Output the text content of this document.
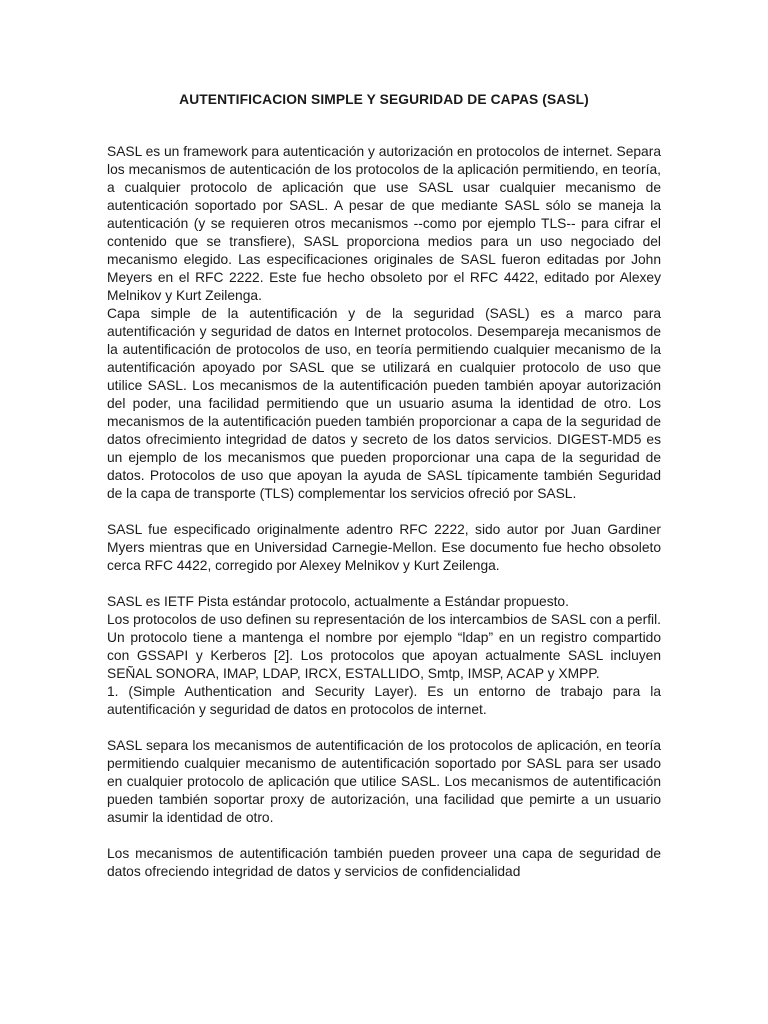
AUTENTIFICACION SIMPLE Y SEGURIDAD DE CAPAS (SASL)

SASL es un framework para autenticación y autorización en protocolos de internet. Separa los mecanismos de autenticación de los protocolos de la aplicación permitiendo, en teoría, a cualquier protocolo de aplicación que use SASL usar cualquier mecanismo de autenticación soportado por SASL. A pesar de que mediante SASL sólo se maneja la autenticación (y se requieren otros mecanismos --como por ejemplo TLS-- para cifrar el contenido que se transfiere), SASL proporciona medios para un uso negociado del mecanismo elegido. Las especificaciones originales de SASL fueron editadas por John Meyers en el RFC 2222. Este fue hecho obsoleto por el RFC 4422, editado por Alexey Melnikov y Kurt Zeilenga.

Capa simple de la autentificación y de la seguridad (SASL) es a marco para autentificación y seguridad de datos en Internet protocolos. Desempareja mecanismos de la autentificación de protocolos de uso, en teoría permitiendo cualquier mecanismo de la autentificación apoyado por SASL que se utilizará en cualquier protocolo de uso que utilice SASL. Los mecanismos de la autentificación pueden también apoyar autorización del poder, una facilidad permitiendo que un usuario asuma la identidad de otro. Los mecanismos de la autentificación pueden también proporcionar a capa de la seguridad de datos ofrecimiento integridad de datos y secreto de los datos servicios. DIGEST-MD5 es un ejemplo de los mecanismos que pueden proporcionar una capa de la seguridad de datos. Protocolos de uso que apoyan la ayuda de SASL típicamente también Seguridad de la capa de transporte (TLS) complementar los servicios ofreció por SASL.

SASL fue especificado originalmente adentro RFC 2222, sido autor por Juan Gardiner Myers mientras que en Universidad Carnegie-Mellon. Ese documento fue hecho obsoleto cerca RFC 4422, corregido por Alexey Melnikov y Kurt Zeilenga.

SASL es IETF Pista estándar protocolo, actualmente a Estándar propuesto.

Los protocolos de uso definen su representación de los intercambios de SASL con a perfil. Un protocolo tiene a mantenga el nombre por ejemplo “ldap” en un registro compartido con GSSAPI y Kerberos [2]. Los protocolos que apoyan actualmente SASL incluyen SEÑAL SONORA, IMAP, LDAP, IRCX, ESTALLIDO, Smtp, IMSP, ACAP y XMPP.

1. (Simple Authentication and Security Layer). Es un entorno de trabajo para la autentificación y seguridad de datos en protocolos de internet.

SASL separa los mecanismos de autentificación de los protocolos de aplicación, en teoría permitiendo cualquier mecanismo de autentificación soportado por SASL para ser usado en cualquier protocolo de aplicación que utilice SASL. Los mecanismos de autentificación pueden también soportar proxy de autorización, una facilidad que pemirte a un usuario asumir la identidad de otro.

Los mecanismos de autentificación también pueden proveer una capa de seguridad de datos ofreciendo integridad de datos y servicios de confidencialidad
